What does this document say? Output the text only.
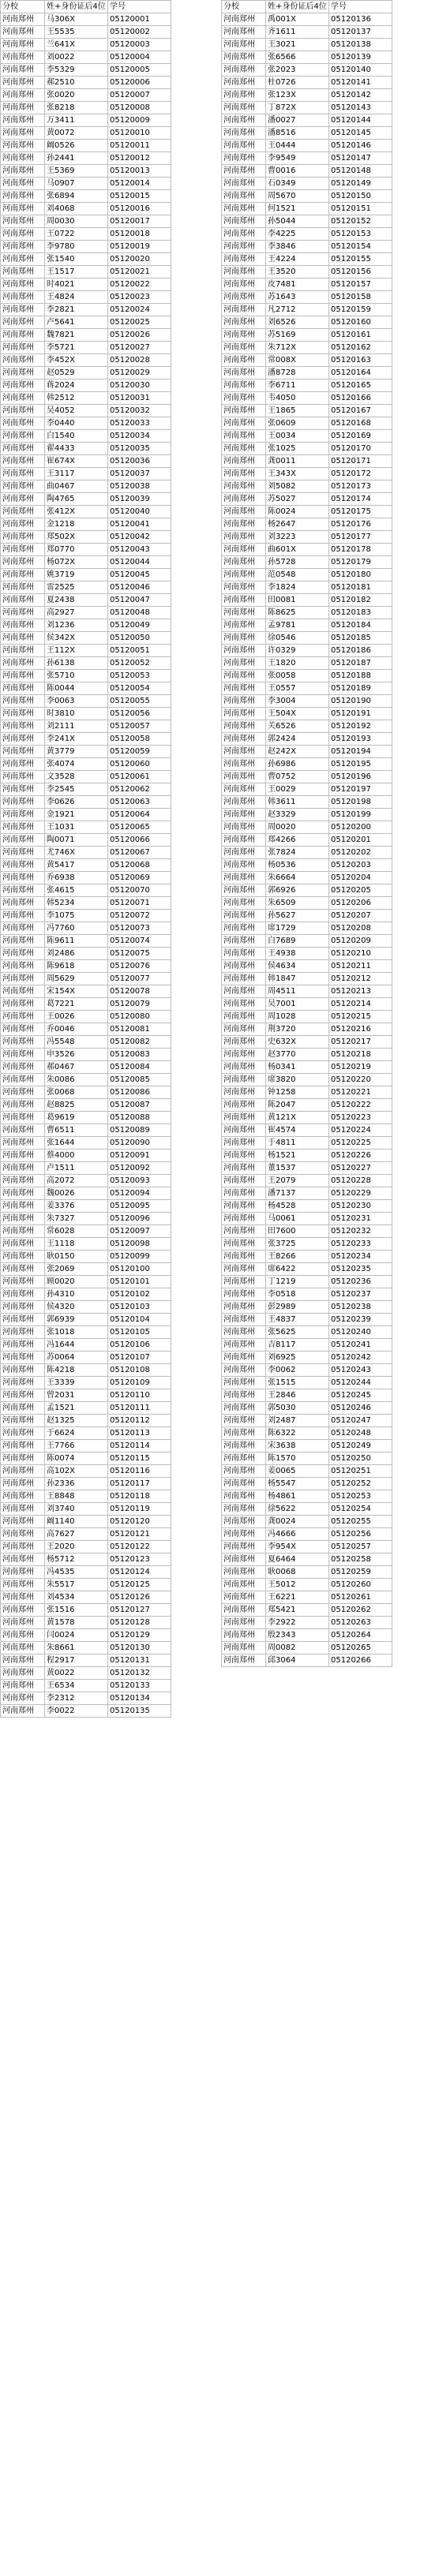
分校	姓+身份证后4位	学号
河南郑州	马306X	05120001
河南郑州	王5535	05120002
河南郑州	兰641X	05120003
河南郑州	刘0022	05120004
河南郑州	李5329	05120005
河南郑州	郝2510	05120006
河南郑州	张0020	05120007
河南郑州	张8218	05120008
河南郑州	万3411	05120009
河南郑州	黄0072	05120010
河南郑州	阚0526	05120011
河南郑州	孙2441	05120012
河南郑州	王5369	05120013
河南郑州	马0907	05120014
河南郑州	张6894	05120015
河南郑州	刘4068	05120016
河南郑州	周0030	05120017
河南郑州	王0722	05120018
河南郑州	李9780	05120019
河南郑州	张1540	05120020
河南郑州	王1517	05120021
河南郑州	时4021	05120022
河南郑州	王4824	05120023
河南郑州	李2821	05120024
河南郑州	卢5641	05120025
河南郑州	魏7821	05120026
河南郑州	李5721	05120027
河南郑州	李452X	05120028
河南郑州	赵0529	05120029
河南郑州	蒋2024	05120030
河南郑州	韩2512	05120031
河南郑州	吴4052	05120032
河南郑州	李0440	05120033
河南郑州	白1540	05120034
河南郑州	翟4433	05120035
河南郑州	崔674X	05120036
河南郑州	王3117	05120037
河南郑州	曲0467	05120038
河南郑州	陶4765	05120039
河南郑州	张412X	05120040
河南郑州	金1218	05120041
河南郑州	郑502X	05120042
河南郑州	郑0770	05120043
河南郑州	杨072X	05120044
河南郑州	姚3719	05120045
河南郑州	雷2525	05120046
河南郑州	夏2438	05120047
河南郑州	高2927	05120048
河南郑州	刘1236	05120049
河南郑州	侯342X	05120050
河南郑州	王112X	05120051
河南郑州	孙6138	05120052
河南郑州	张5710	05120053
河南郑州	陈0044	05120054
河南郑州	李0063	05120055
河南郑州	时3810	05120056
河南郑州	刘2111	05120057
河南郑州	李241X	05120058
河南郑州	黄3779	05120059
河南郑州	张4074	05120060
河南郑州	文3528	05120061
河南郑州	李2545	05120062
河南郑州	李0626	05120063
河南郑州	金1921	05120064
河南郑州	王1031	05120065
河南郑州	陶0071	05120066
河南郑州	尤746X	05120067
河南郑州	黄5417	05120068
河南郑州	乔6938	05120069
河南郑州	张4615	05120070
河南郑州	韩5234	05120071
河南郑州	李1075	05120072
河南郑州	冯7760	05120073
河南郑州	陈9611	05120074
河南郑州	刘2486	05120075
河南郑州	陈9618	05120076
河南郑州	周5629	05120077
河南郑州	宋154X	05120078
河南郑州	葛7221	05120079
河南郑州	王0026	05120080
河南郑州	乔0046	05120081
河南郑州	冯5548	05120082
河南郑州	申3526	05120083
河南郑州	郝0467	05120084
河南郑州	朱0086	05120085
河南郑州	张0068	05120086
河南郑州	赵8825	05120087
河南郑州	葛9619	05120088
河南郑州	曹6511	05120089
河南郑州	张1644	05120090
河南郑州	蔡4000	05120091
河南郑州	卢1511	05120092
河南郑州	高2072	05120093
河南郑州	魏0026	05120094
河南郑州	姜3376	05120095
河南郑州	朱7327	05120096
河南郑州	常6028	05120097
河南郑州	王1118	05120098
河南郑州	耿0150	05120099
河南郑州	张2069	05120100
河南郑州	顾0020	05120101
河南郑州	孙4310	05120102
河南郑州	侯4320	05120103
河南郑州	郭6939	05120104
河南郑州	张1018	05120105
河南郑州	冯1644	05120106
河南郑州	苏0064	05120107
河南郑州	陈4218	05120108
河南郑州	王3339	05120109
河南郑州	曾2031	05120110
河南郑州	孟1521	05120111
河南郑州	赵1325	05120112
河南郑州	于6624	05120113
河南郑州	王7766	05120114
河南郑州	陈0074	05120115
河南郑州	高102X	05120116
河南郑州	孙2336	05120117
河南郑州	王8848	05120118
河南郑州	刘3740	05120119
河南郑州	阚1140	05120120
河南郑州	高7627	05120121
河南郑州	王2020	05120122
河南郑州	杨5712	05120123
河南郑州	冯4535	05120124
河南郑州	朱5517	05120125
河南郑州	刘4534	05120126
河南郑州	张1516	05120127
河南郑州	黄1578	05120128
河南郑州	闫0024	05120129
河南郑州	朱8661	05120130
河南郑州	程2917	05120131
河南郑州	黄0022	05120132
河南郑州	王6534	05120133
河南郑州	李2312	05120134
河南郑州	李0022	05120135
分校	姓+身份证后4位	学号
河南郑州	禹001X	05120136
河南郑州	齐1611	05120137
河南郑州	王3021	05120138
河南郑州	张6566	05120139
河南郑州	张2023	05120140
河南郑州	杜0726	05120141
河南郑州	张123X	05120142
河南郑州	丁872X	05120143
河南郑州	潘0027	05120144
河南郑州	潘8516	05120145
河南郑州	王0444	05120146
河南郑州	李9549	05120147
河南郑州	曹0016	05120148
河南郑州	石0349	05120149
河南郑州	周5670	05120150
河南郑州	何1521	05120151
河南郑州	孙5044	05120152
河南郑州	李4225	05120153
河南郑州	李3846	05120154
河南郑州	王4224	05120155
河南郑州	王3520	05120156
河南郑州	皮7481	05120157
河南郑州	苏1643	05120158
河南郑州	凡2712	05120159
河南郑州	刘6526	05120160
河南郑州	苏5169	05120161
河南郑州	朱712X	05120162
河南郑州	常008X	05120163
河南郑州	潘8728	05120164
河南郑州	李6711	05120165
河南郑州	韦4050	05120166
河南郑州	王1865	05120167
河南郑州	张0609	05120168
河南郑州	王0034	05120169
河南郑州	张1025	05120170
河南郑州	龚0011	05120171
河南郑州	王343X	05120172
河南郑州	刘5082	05120173
河南郑州	苏5027	05120174
河南郑州	陈0024	05120175
河南郑州	杨2647	05120176
河南郑州	刘3223	05120177
河南郑州	曲601X	05120178
河南郑州	孙5728	05120179
河南郑州	范0548	05120180
河南郑州	李1824	05120181
河南郑州	田0081	05120182
河南郑州	陈8625	05120183
河南郑州	孟9781	05120184
河南郑州	徐0546	05120185
河南郑州	许0329	05120186
河南郑州	王1820	05120187
河南郑州	张0058	05120188
河南郑州	王0557	05120189
河南郑州	李3004	05120190
河南郑州	王504X	05120191
河南郑州	关6526	05120192
河南郑州	郭2424	05120193
河南郑州	赵242X	05120194
河南郑州	孙6986	05120195
河南郑州	曹0752	05120196
河南郑州	王0029	05120197
河南郑州	韩3611	05120198
河南郑州	赵3329	05120199
河南郑州	周0020	05120200
河南郑州	郑4266	05120201
河南郑州	张7824	05120202
河南郑州	杨0536	05120203
河南郑州	朱6664	05120204
河南郑州	郭6926	05120205
河南郑州	朱6509	05120206
河南郑州	孙5627	05120207
河南郑州	席1729	05120208
河南郑州	白7689	05120209
河南郑州	王4938	05120210
河南郑州	侯4634	05120211
河南郑州	韩1847	05120212
河南郑州	周4511	05120213
河南郑州	吴7001	05120214
河南郑州	周1028	05120215
河南郑州	荆3720	05120216
河南郑州	史632X	05120217
河南郑州	赵3770	05120218
河南郑州	杨0341	05120219
河南郑州	席3820	05120220
河南郑州	钟1258	05120221
河南郑州	陈2047	05120222
河南郑州	黄121X	05120223
河南郑州	崔4574	05120224
河南郑州	于4811	05120225
河南郑州	杨1521	05120226
河南郑州	董1537	05120227
河南郑州	王2079	05120228
河南郑州	潘7137	05120229
河南郑州	杨4528	05120230
河南郑州	马0061	05120231
河南郑州	田7600	05120232
河南郑州	张3725	05120233
河南郑州	王8266	05120234
河南郑州	席6422	05120235
河南郑州	丁1219	05120236
河南郑州	李0518	05120237
河南郑州	彭2989	05120238
河南郑州	王4837	05120239
河南郑州	张5625	05120240
河南郑州	吉8117	05120241
河南郑州	刘6925	05120242
河南郑州	李0062	05120243
河南郑州	张1515	05120244
河南郑州	王2846	05120245
河南郑州	郭5030	05120246
河南郑州	刘2487	05120247
河南郑州	陈6322	05120248
河南郑州	宋3638	05120249
河南郑州	陈1570	05120250
河南郑州	姜0065	05120251
河南郑州	杨5547	05120252
河南郑州	杨4861	05120253
河南郑州	徐5622	05120254
河南郑州	龚0024	05120255
河南郑州	冯4666	05120256
河南郑州	李954X	05120257
河南郑州	夏6464	05120258
河南郑州	耿0068	05120259
河南郑州	王5012	05120260
河南郑州	王6221	05120261
河南郑州	郑5421	05120262
河南郑州	李2922	05120263
河南郑州	殷2343	05120264
河南郑州	周0082	05120265
河南郑州	邱3064	05120266
